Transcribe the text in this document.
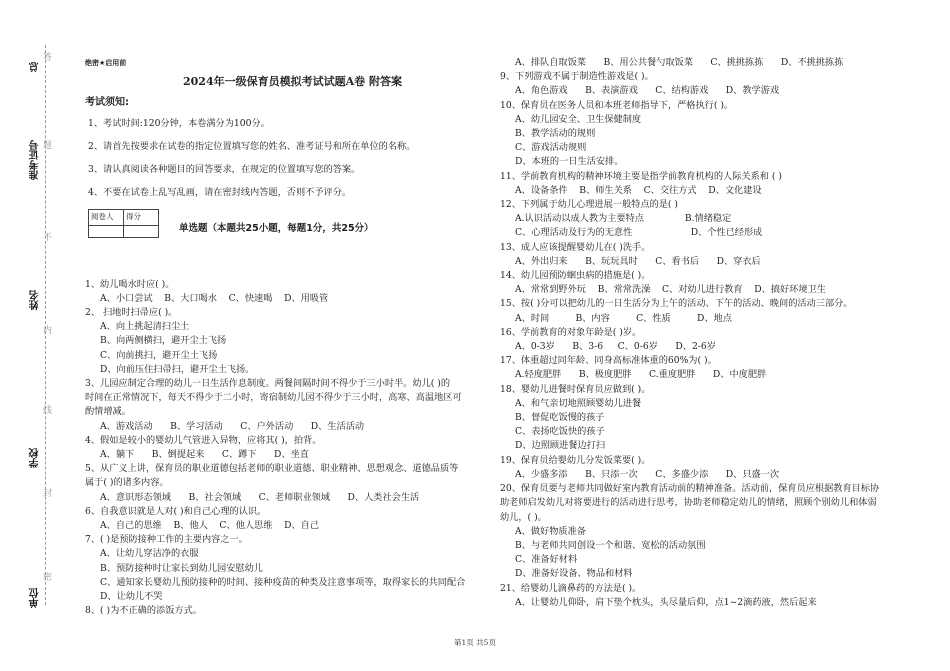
总
准考证号
姓名
学校
单位
答
题
不
内
线
封
密
绝密★启用前
2024年一级保育员模拟考试试题A卷 附答案
考试须知:

1、考试时间:120分钟，本卷满分为100分。

2、请首先按要求在试卷的指定位置填写您的姓名、准考证号和所在单位的名称。

3、请认真阅读各种题目的回答要求，在规定的位置填写您的答案。

4、不要在试卷上乱写乱画，请在密封线内答题，否则不予评分。

阅卷人	得分

单选题（本题共25小题，每题1分，共25分）

1、幼儿喝水时应( )。

A、小口尝试    B、大口喝水    C、快速喝    D、用吸管

2、 扫地时扫帚应( )。

A、向上挑起清扫尘土

B、向两侧横扫，避开尘土飞扬

C、向前挑扫，避开尘土飞扬

D、向前压住扫帚扫，避开尘土飞扬。

3、儿园应制定合理的幼儿一日生活作息制度。两餐间隔时间不得少于三小时半。幼儿( )的

时间在正常情况下，每天不得少于二小时，寄宿制幼儿园不得少于三小时，高寒、高温地区可

酌情增减。

A、游戏活动      B、学习活动      C、户外活动      D、生活活动

4、假如是较小的婴幼儿气管进入异物，应将其( )，拍背。

A、躺下      B、倒提起来      C、蹲下      D、坐直

5、从广义上讲，保育员的职业道德包括老师的职业道德、职业精神、思想观念、道德品质等

属于( )的诸多内容。

A、意识形态领域      B、社会领域      C、老师职业领域      D、人类社会生活

6、自我意识就是人对( )和自己心理的认识。

A、自己的思维    B、他人    C、他人思维    D、自己

7、( )是预防接种工作的主要内容之一。

A、让幼儿穿洁净的衣服

B、预防接种时让家长到幼儿园安慰幼儿

C、通知家长婴幼儿预防接种的时间、接种疫苗的种类及注意事项等，取得家长的共同配合

D、让幼儿不哭

8、( )为不正确的添饭方式。

A、排队自取饭菜      B、用公共餐勺取饭菜      C、挑挑拣拣      D、不挑挑拣拣

9、下列游戏不属于制造性游戏是( )。

A、角色游戏      B、表演游戏      C、结构游戏      D、教学游戏

10、保育员在医务人员和本班老师指导下，严格执行( )。

A、幼儿园安全、卫生保健制度

B、教学活动的规则

C、游戏活动规则

D、本班的一日生活安排。

11、学前教育机构的精神环境主要是指学前教育机构的人际关系和 ( )

A、设备条件    B、师生关系    C、交往方式    D、文化建设

12、下列属于幼儿心理进展一般特点的是( )

A.认识活动以成人教为主要特点              B.情绪稳定

C、心理活动及行为的无意性                    D、个性已经形成

13、成人应该提醒婴幼儿在( )洗手。

A、外出归来      B、玩玩具时      C、看书后      D、穿衣后

14、幼儿园预防蛔虫病的措施是( )。

A、常常到野外玩    B、常常洗澡    C、对幼儿进行教育    D、搞好环境卫生

15、按( )分可以把幼儿的一日生活分为上午的活动、下午的活动、晚间的活动三部分。

A、时间         B、内容         C、性质         D、地点

16、学前教育的对象年龄是( )岁。

A、0-3岁      B、3-6     C、0-6岁      D、2-6岁

17、体重超过同年龄、同身高标准体重的60%为( )。

A.轻度肥胖      B、极度肥胖      C.重度肥胖      D、中度肥胖

18、婴幼儿进餐时保育员应做到( )。

A、和气亲切地照顾婴幼儿进餐

B、督促吃饭慢的孩子

C、表扬吃饭快的孩子

D、边照顾进餐边打扫

19、保育员给婴幼儿分发饭菜要( )。

A、少盛多添      B、只添一次      C、多盛少添      D、只盛一次

20、保育员要与老师共同做好室内教育活动前的精神准备。活动前，保育员应根据教育目标协

助老师启发幼儿对将要进行的活动进行思考，协助老师稳定幼儿的情绪，照顾个别幼儿和体弱

幼儿，( )。

A、做好物质准备

B、与老师共同创设一个和谐、宽松的活动氛围

C、准备好材料

D、准备好设备、物品和材料

21、给婴幼儿滴鼻药的方法是( )。

A、让婴幼儿仰卧，肩下垫个枕头，头尽量后仰，点1~2滴药液，然后起来

第1页 共5页
